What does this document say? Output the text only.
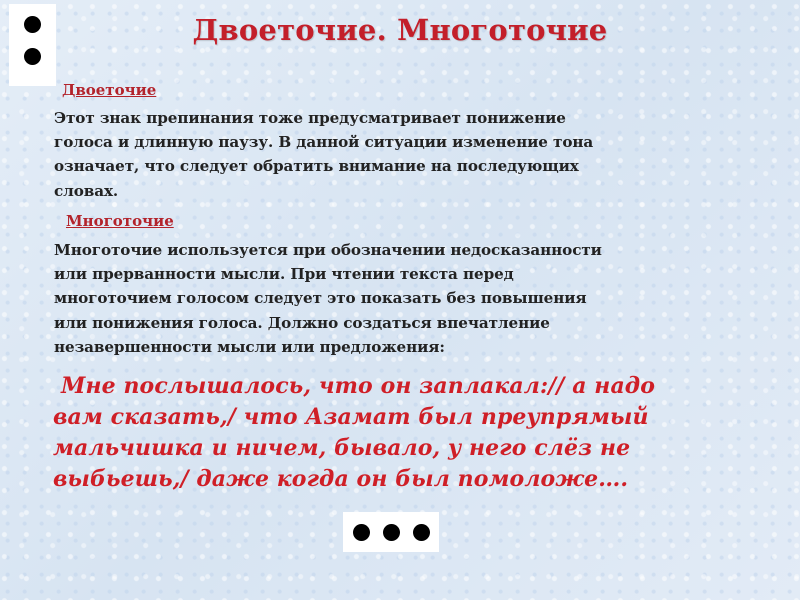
Двоеточие. Многоточие
Двоеточие
Этот знак препинания тоже предусматривает понижение
голоса и длинную паузу. В данной ситуации изменение тона
означает, что следует обратить внимание на последующих
словах.
Многоточие
Многоточие используется при обозначении недосказанности
или прерванности мысли. При чтении текста перед
многоточием голосом следует это показать без повышения
или понижения голоса. Должно создаться впечатление
незавершенности мысли или предложения:
Мне послышалось, что он заплакал:// а надо
вам сказать,/ что Азамат был преупрямый
мальчишка и ничем, бывало, у него слёз не
выбьешь,/ даже когда он был помоложе….
